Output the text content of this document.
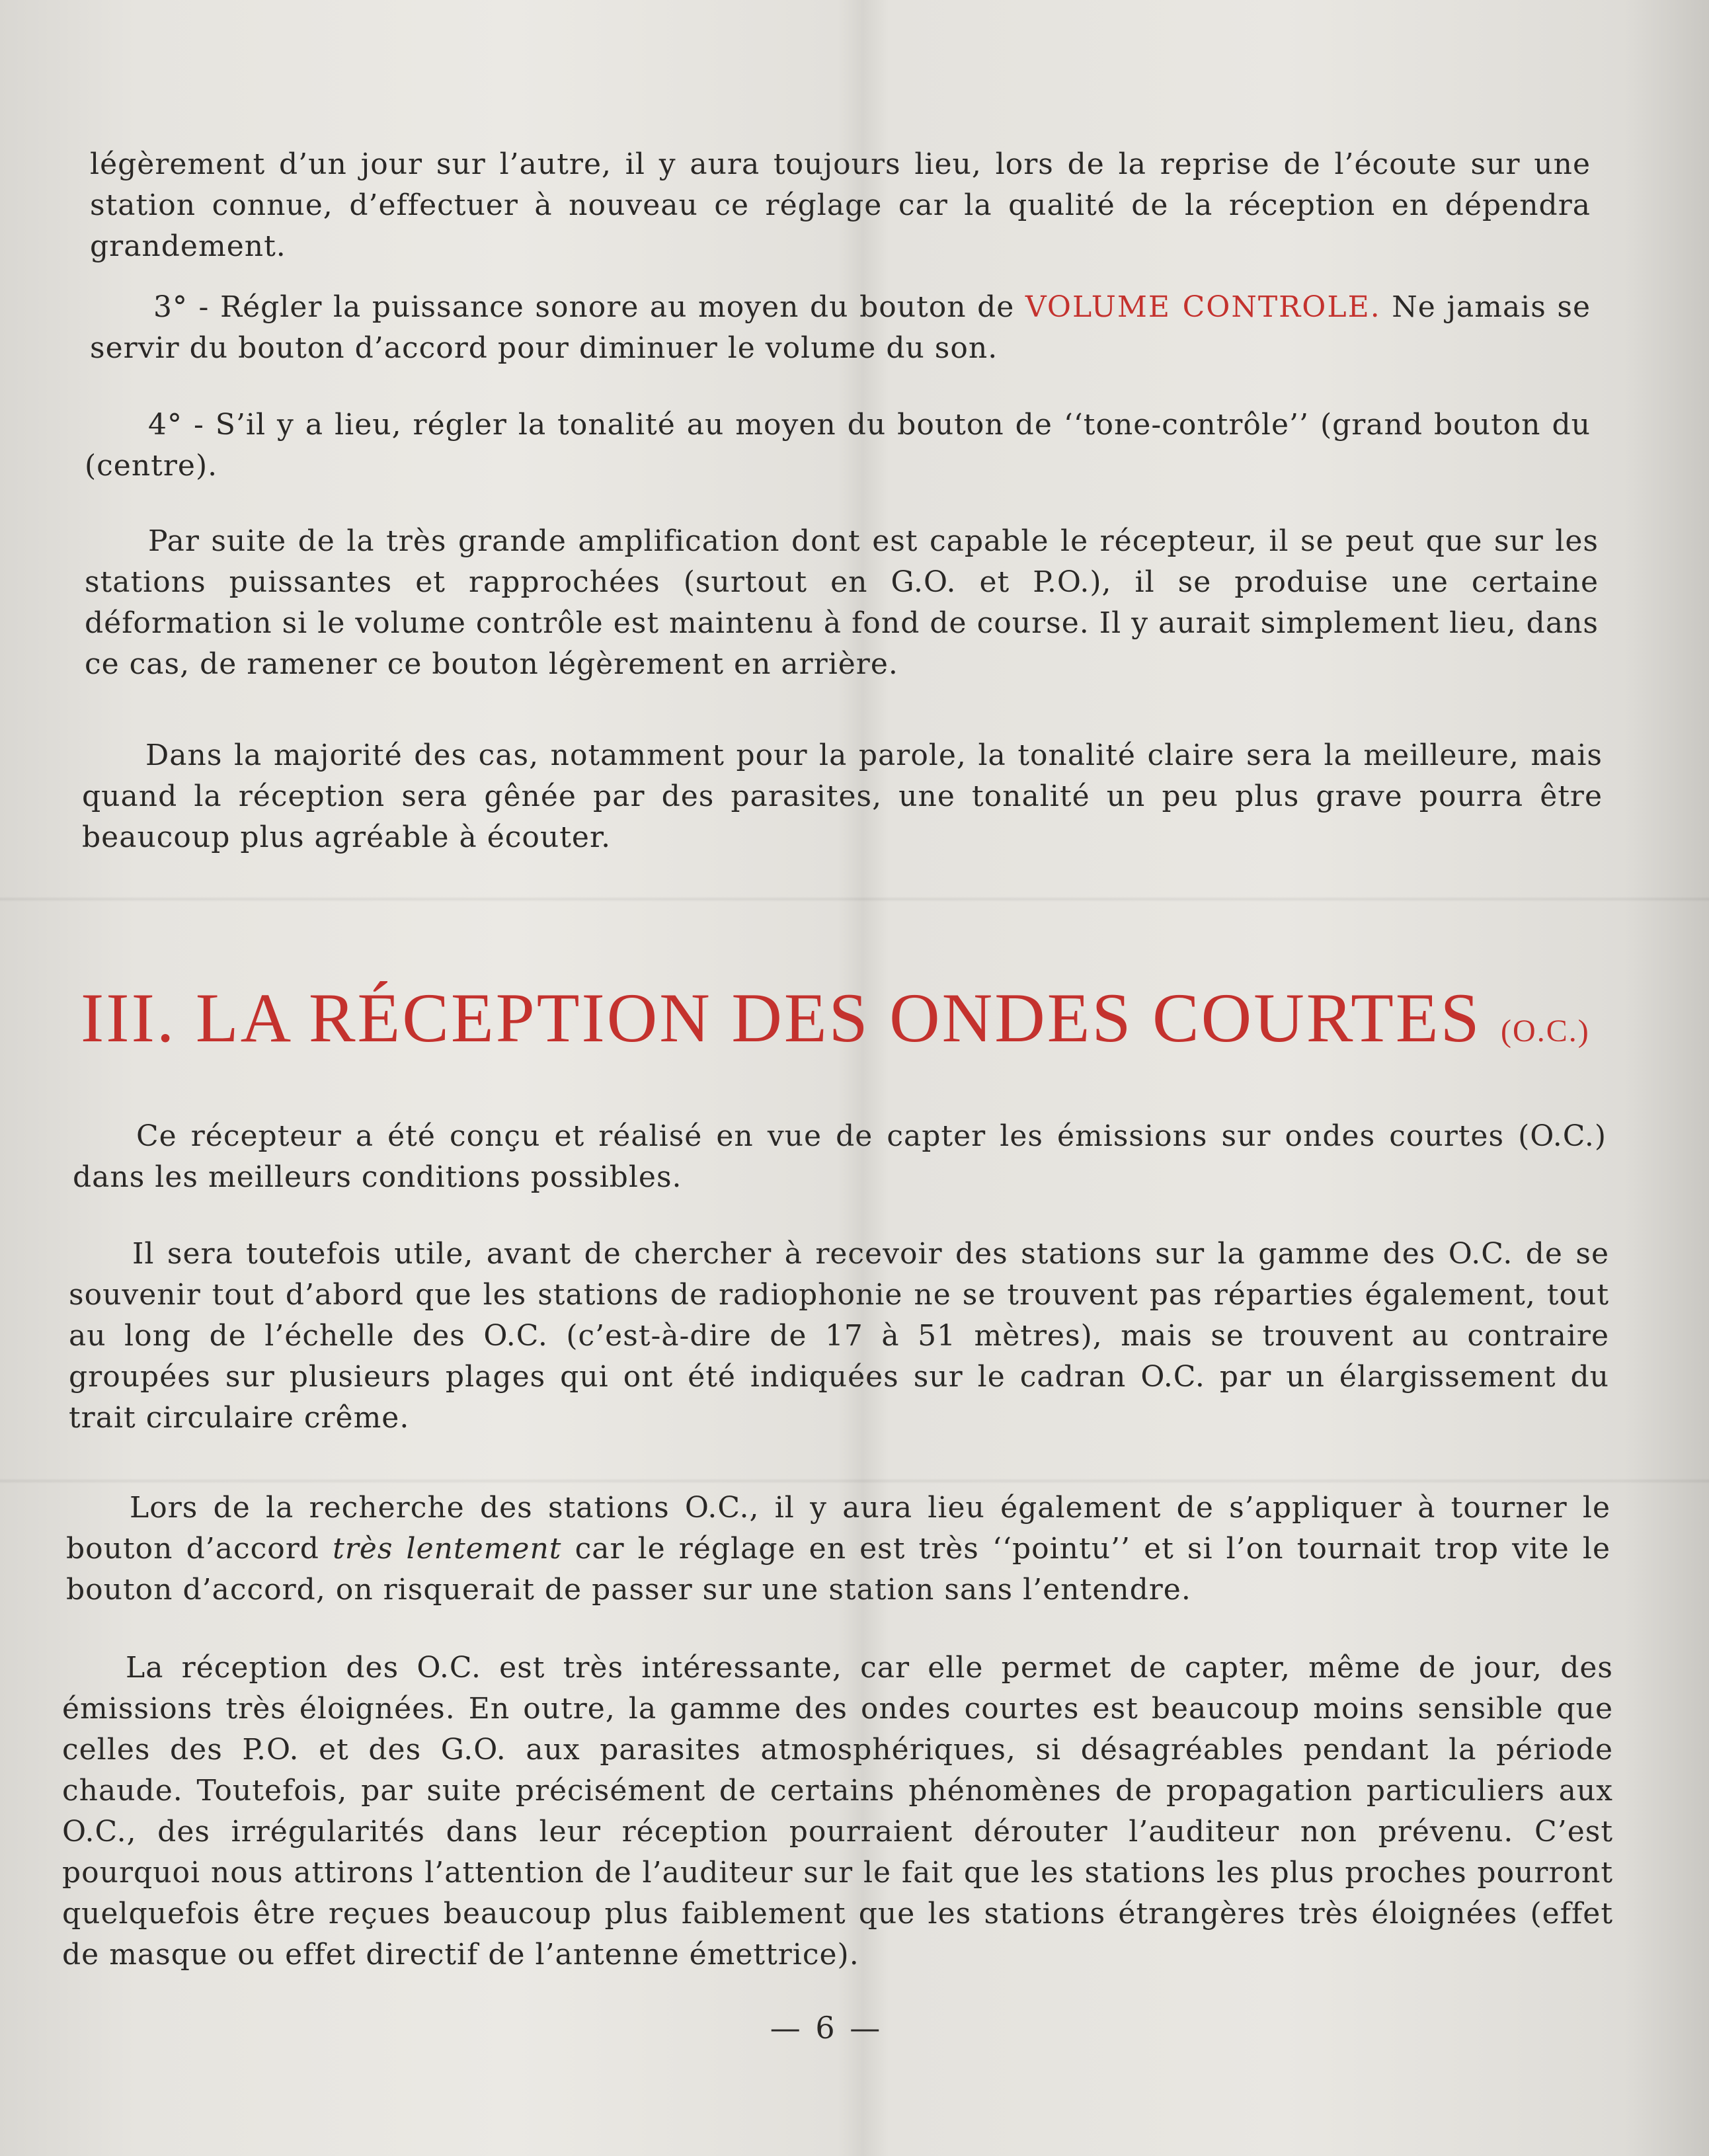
légèrement d’un jour sur l’autre, il y aura toujours lieu, lors de la reprise de l’écoute sur une station connue, d’effectuer à nouveau ce réglage car la qualité de la réception en dépendra grandement.

3° - Régler la puissance sonore au moyen du bouton de VOLUME CONTROLE. Ne jamais se servir du bouton d’accord pour diminuer le volume du son.

4° - S’il y a lieu, régler la tonalité au moyen du bouton de ‘‘tone-contrôle’’ (grand bouton du (centre).

Par suite de la très grande amplification dont est capable le récepteur, il se peut que sur les stations puissantes et rapprochées (surtout en G.O. et P.O.), il se produise une certaine déformation si le volume contrôle est maintenu à fond de course. Il y aurait simplement lieu, dans ce cas, de ramener ce bouton légèrement en arrière.

Dans la majorité des cas, notamment pour la parole, la tonalité claire sera la meilleure, mais quand la réception sera gênée par des parasites, une tonalité un peu plus grave pourra être beaucoup plus agréable à écouter.

III. LA RÉCEPTION DES ONDES COURTES (O.C.)

Ce récepteur a été conçu et réalisé en vue de capter les émissions sur ondes courtes (O.C.) dans les meilleurs conditions possibles.

Il sera toutefois utile, avant de chercher à recevoir des stations sur la gamme des O.C. de se souvenir tout d’abord que les stations de radiophonie ne se trouvent pas réparties également, tout au long de l’échelle des O.C. (c’est-à-dire de 17 à 51 mètres), mais se trouvent au contraire groupées sur plusieurs plages qui ont été indiquées sur le cadran O.C. par un élargissement du trait circulaire crême.

Lors de la recherche des stations O.C., il y aura lieu également de s’appliquer à tourner le bouton d’accord très lentement car le réglage en est très ‘‘pointu’’ et si l’on tournait trop vite le bouton d’accord, on risquerait de passer sur une station sans l’entendre.

La réception des O.C. est très intéressante, car elle permet de capter, même de jour, des émissions très éloignées. En outre, la gamme des ondes courtes est beaucoup moins sensible que celles des P.O. et des G.O. aux parasites atmosphériques, si désagréables pendant la période chaude. Toutefois, par suite précisément de certains phénomènes de propagation particuliers aux O.C., des irrégularités dans leur réception pourraient dérouter l’auditeur non prévenu. C’est pourquoi nous attirons l’attention de l’auditeur sur le fait que les stations les plus proches pourront quelquefois être reçues beaucoup plus faiblement que les stations étrangères très éloignées (effet de masque ou effet directif de l’antenne émettrice).

— 6 —
